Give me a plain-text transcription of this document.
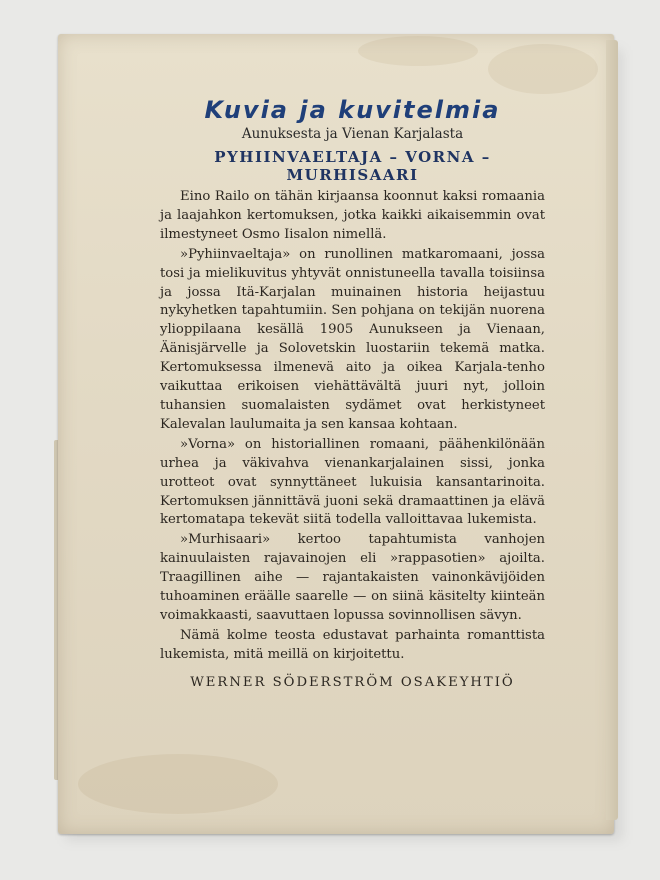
Kuvia ja kuvitelmia

Aunuksesta ja Vienan Karjalasta

PYHIINVAELTAJA – VORNA – MURHISAARI

Eino Railo on tähän kirjaansa koonnut kaksi romaania ja laajahkon kertomuksen, jotka kaikki aikaisemmin ovat ilmestyneet Osmo Iisalon nimellä.

»Pyhiinvaeltaja» on runollinen matkaromaani, jossa tosi ja mielikuvitus yhtyvät onnistuneella tavalla toisiinsa ja jossa Itä-Karjalan muinainen historia heijastuu nykyhetken tapahtumiin. Sen pohjana on tekijän nuorena ylioppilaana kesällä 1905 Aunukseen ja Vienaan, Äänisjärvelle ja Solovetskin luostariin tekemä matka. Kertomuksessa ilmenevä aito ja oikea Karjala-tenho vaikuttaa erikoisen viehättävältä juuri nyt, jolloin tuhansien suomalaisten sydämet ovat herkistyneet Kalevalan laulumaita ja sen kansaa kohtaan.

»Vorna» on historiallinen romaani, päähenkilönään urhea ja väkivahva vienankarjalainen sissi, jonka urotteot ovat synnyttäneet lukuisia kansantarinoita. Kertomuksen jännittävä juoni sekä dramaattinen ja elävä kertomatapa tekevät siitä todella valloittavaa lukemista.

»Murhisaari» kertoo tapahtumista vanhojen kainuulaisten rajavainojen eli »rappasotien» ajoilta. Traagillinen aihe — rajantakaisten vainonkävijöiden tuhoaminen eräälle saarelle — on siinä käsitelty kiinteän voimakkaasti, saavuttaen lopussa sovinnollisen sävyn.

Nämä kolme teosta edustavat parhainta romanttista lukemista, mitä meillä on kirjoitettu.

WERNER SÖDERSTRÖM OSAKEYHTIÖ
